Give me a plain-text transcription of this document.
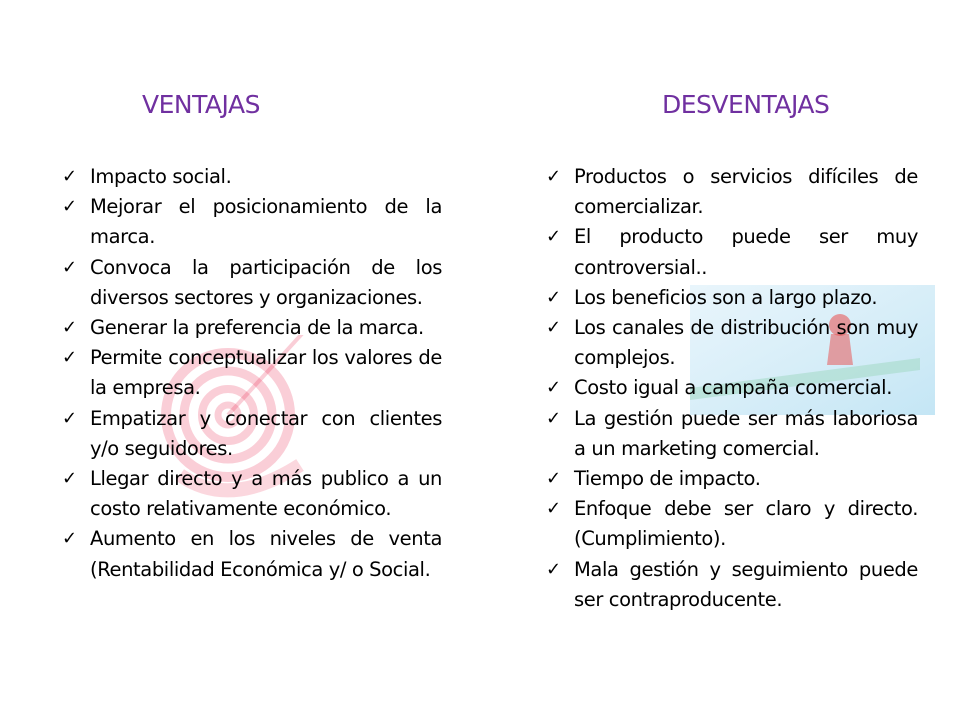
VENTAJAS	DESVENTAJAS
✓ Impacto social.
✓ Mejorar el posicionamiento de la marca.
✓ Convoca la participación de los diversos sectores y organizaciones.
✓ Generar la preferencia de la marca.
✓ Permite conceptualizar los valores de la empresa.
✓ Empatizar y conectar con clientes y/o seguidores.
✓ Llegar directo y a más publico a un costo relativamente económico.
✓ Aumento en los niveles de venta (Rentabilidad Económica y/ o Social.
✓ Productos o servicios difíciles de comercializar.
✓ El producto puede ser muy controversial..
✓ Los beneficios son a largo plazo.
✓ Los canales de distribución son muy complejos.
✓ Costo igual a campaña comercial.
✓ La gestión puede ser más laboriosa a un marketing comercial.
✓ Tiempo de impacto.
✓ Enfoque debe ser claro y directo. (Cumplimiento).
✓ Mala gestión y seguimiento puede ser contraproducente.
